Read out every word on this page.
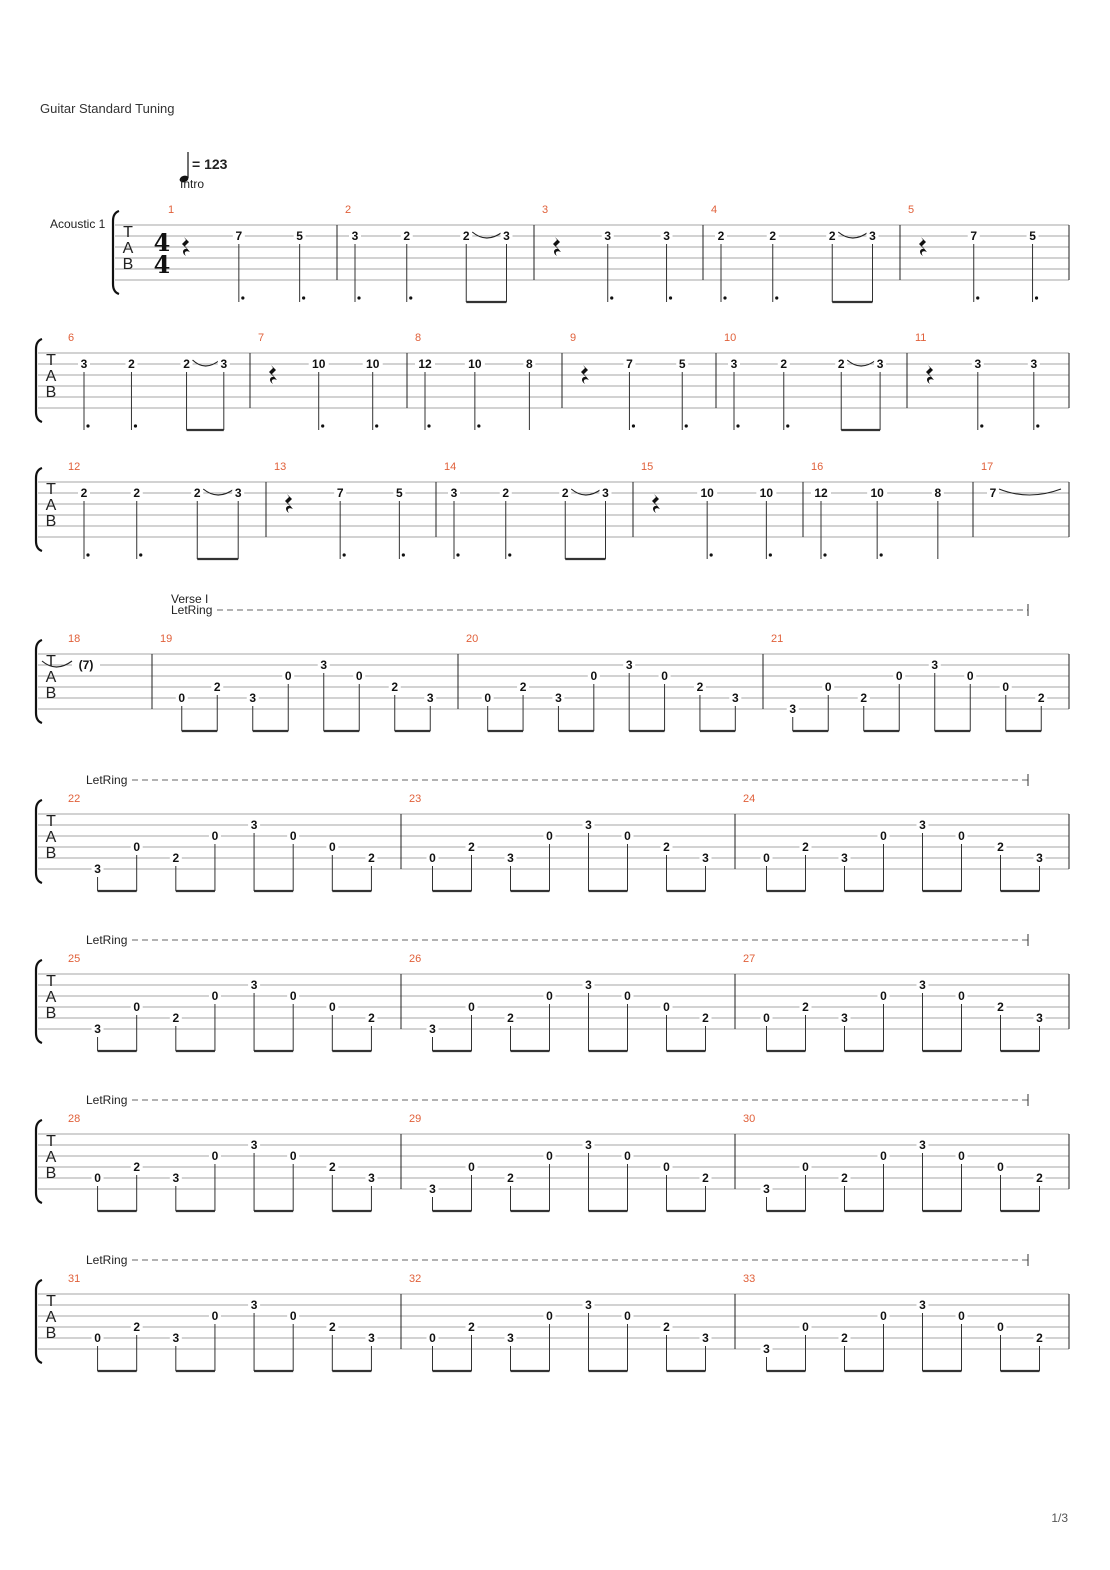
Guitar Standard Tuning
= 123
Intro
Verse I
Acoustic 1 T
A
B
4
4
1
7	5
2
3	2	2	3
3
3	3
4
2	2	2	3
5
7	5
T
A
B
6
3	2	2	3
7
10	10
8
12	10	8
9
7	5
10
3	2	2	3
11
3	3
T
A
B
12
2	2	2	3
13
7	5
14
3	2	2	3
15
10	10
16
12	10	8
17
7
T
A
B
LetRing
18
(7)
19
0
2
3
0
3
0
2
3
20
0
2
3
0
3
0
2
3
21
3
0
2
0
3
0
0
2
T
A
B
LetRing
22
3
0
2
0
3
0
0
2
23
0
2
3
0
3
0
2
3
24
0
2
3
0
3
0
2
3
T
A
B
LetRing
25
3
0
2
0
3
0
0
2
26
3
0
2
0
3
0
0
2
27
0
2
3
0
3
0
2
3
T
A
B
LetRing
28
0
2
3
0
3
0
2
3
29
3
0
2
0
3
0
0
2
30
3
0
2
0
3
0
0
2
T
A
B
LetRing
31
0
2
3
0
3
0
2
3
32
0
2
3
0
3
0
2
3
33
3
0
2
0
3
0
0
2
1/3
